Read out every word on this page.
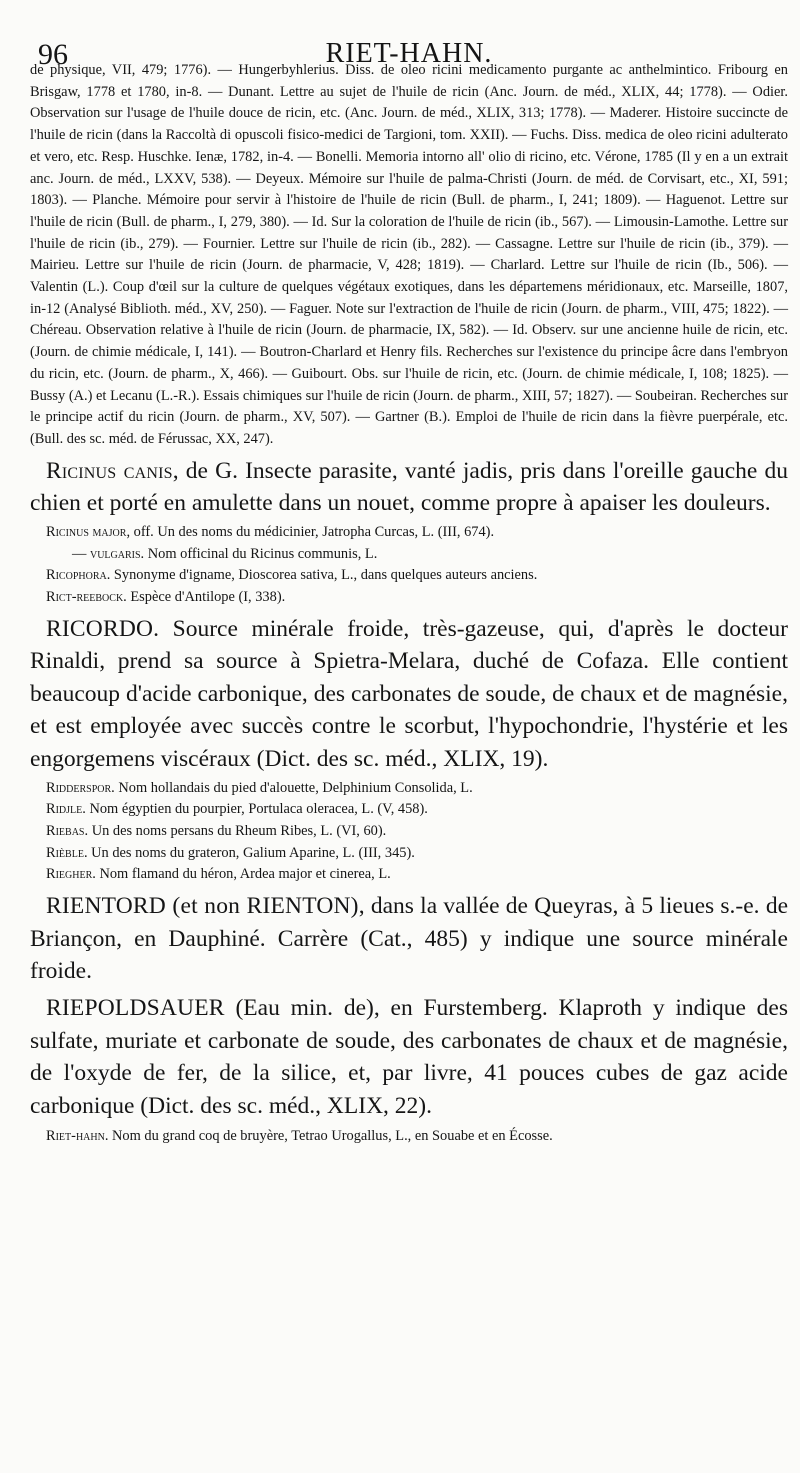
96	RIET-HAHN.

de physique, VII, 479; 1776). — Hungerbyhlerius. Diss. de oleo ricini medicamento purgante ac anthelmintico. Fribourg en Brisgaw, 1778 et 1780, in-8. — Dunant. Lettre au sujet de l'huile de ricin (Anc. Journ. de méd., XLIX, 44; 1778). — Odier. Observation sur l'usage de l'huile douce de ricin, etc. (Anc. Journ. de méd., XLIX, 313; 1778). — Maderer. Histoire succincte de l'huile de ricin (dans la Raccoltà di opuscoli fisico-medici de Targioni, tom. XXII). — Fuchs. Diss. medica de oleo ricini adulterato et vero, etc. Resp. Huschke. Ienæ, 1782, in-4. — Bonelli. Memoria intorno all' olio di ricino, etc. Vérone, 1785 (Il y en a un extrait anc. Journ. de méd., LXXV, 538). — Deyeux. Mémoire sur l'huile de palma-Christi (Journ. de méd. de Corvisart, etc., XI, 591; 1803). — Planche. Mémoire pour servir à l'histoire de l'huile de ricin (Bull. de pharm., I, 241; 1809). — Haguenot. Lettre sur l'huile de ricin (Bull. de pharm., I, 279, 380). — Id. Sur la coloration de l'huile de ricin (ib., 567). — Limousin-Lamothe. Lettre sur l'huile de ricin (ib., 279). — Fournier. Lettre sur l'huile de ricin (ib., 282). — Cassagne. Lettre sur l'huile de ricin (ib., 379). — Mairieu. Lettre sur l'huile de ricin (Journ. de pharmacie, V, 428; 1819). — Charlard. Lettre sur l'huile de ricin (Ib., 506). — Valentin (L.). Coup d'œil sur la culture de quelques végétaux exotiques, dans les départemens méridionaux, etc. Marseille, 1807, in-12 (Analysé Biblioth. méd., XV, 250). — Faguer. Note sur l'extraction de l'huile de ricin (Journ. de pharm., VIII, 475; 1822). — Chéreau. Observation relative à l'huile de ricin (Journ. de pharmacie, IX, 582). — Id. Observ. sur une ancienne huile de ricin, etc. (Journ. de chimie médicale, I, 141). — Boutron-Charlard et Henry fils. Recherches sur l'existence du principe âcre dans l'embryon du ricin, etc. (Journ. de pharm., X, 466). — Guibourt. Obs. sur l'huile de ricin, etc. (Journ. de chimie médicale, I, 108; 1825). — Bussy (A.) et Lecanu (L.-R.). Essais chimiques sur l'huile de ricin (Journ. de pharm., XIII, 57; 1827). — Soubeiran. Recherches sur le principe actif du ricin (Journ. de pharm., XV, 507). — Gartner (B.). Emploi de l'huile de ricin dans la fièvre puerpérale, etc. (Bull. des sc. méd. de Férussac, XX, 247).

Ricinus canis, de G. Insecte parasite, vanté jadis, pris dans l'oreille gauche du chien et porté en amulette dans un nouet, comme propre à apaiser les douleurs.

Ricinus major, off. Un des noms du médicinier, Jatropha Curcas, L. (III, 674).

— vulgaris. Nom officinal du Ricinus communis, L.

Ricophora. Synonyme d'igname, Dioscorea sativa, L., dans quelques auteurs anciens.

Rict-reebock. Espèce d'Antilope (I, 338).

RICORDO. Source minérale froide, très-gazeuse, qui, d'après le docteur Rinaldi, prend sa source à Spietra-Melara, duché de Cofaza. Elle contient beaucoup d'acide carbonique, des carbonates de soude, de chaux et de magnésie, et est employée avec succès contre le scorbut, l'hypochondrie, l'hystérie et les engorgemens viscéraux (Dict. des sc. méd., XLIX, 19).

Ridderspor. Nom hollandais du pied d'alouette, Delphinium Consolida, L.

Ridjle. Nom égyptien du pourpier, Portulaca oleracea, L. (V, 458).

Riebas. Un des noms persans du Rheum Ribes, L. (VI, 60).

Rièble. Un des noms du grateron, Galium Aparine, L. (III, 345).

Riegher. Nom flamand du héron, Ardea major et cinerea, L.

RIENTORD (et non RIENTON), dans la vallée de Queyras, à 5 lieues s.-e. de Briançon, en Dauphiné. Carrère (Cat., 485) y indique une source minérale froide.

RIEPOLDSAUER (Eau min. de), en Furstemberg. Klaproth y indique des sulfate, muriate et carbonate de soude, des carbonates de chaux et de magnésie, de l'oxyde de fer, de la silice, et, par livre, 41 pouces cubes de gaz acide carbonique (Dict. des sc. méd., XLIX, 22).

Riet-hahn. Nom du grand coq de bruyère, Tetrao Urogallus, L., en Souabe et en Écosse.
